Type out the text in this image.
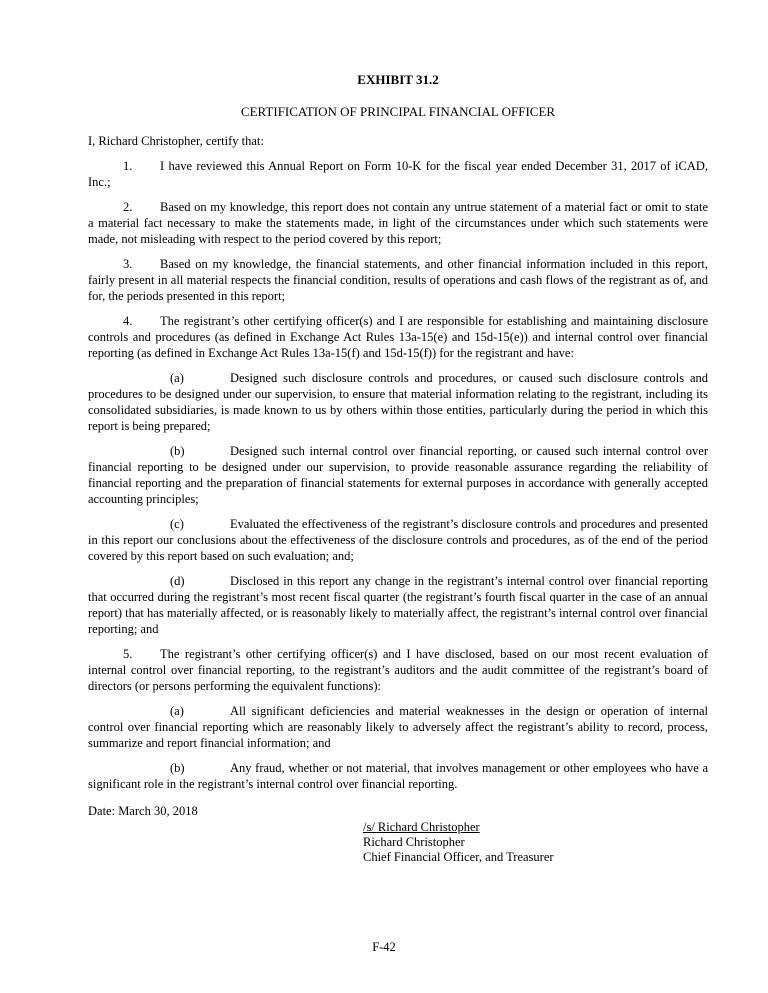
EXHIBIT 31.2

CERTIFICATION OF PRINCIPAL FINANCIAL OFFICER

I, Richard Christopher, certify that:

1. I have reviewed this Annual Report on Form 10-K for the fiscal year ended December 31, 2017 of iCAD, Inc.;

2. Based on my knowledge, this report does not contain any untrue statement of a material fact or omit to state a material fact necessary to make the statements made, in light of the circumstances under which such statements were made, not misleading with respect to the period covered by this report;

3. Based on my knowledge, the financial statements, and other financial information included in this report, fairly present in all material respects the financial condition, results of operations and cash flows of the registrant as of, and for, the periods presented in this report;

4. The registrant’s other certifying officer(s) and I are responsible for establishing and maintaining disclosure controls and procedures (as defined in Exchange Act Rules 13a-15(e) and 15d-15(e)) and internal control over financial reporting (as defined in Exchange Act Rules 13a-15(f) and 15d-15(f)) for the registrant and have:

(a)	Designed such disclosure controls and procedures, or caused such disclosure controls and procedures to be designed under our supervision, to ensure that material information relating to the registrant, including its consolidated subsidiaries, is made known to us by others within those entities, particularly during the period in which this report is being prepared;

(b)	Designed such internal control over financial reporting, or caused such internal control over financial reporting to be designed under our supervision, to provide reasonable assurance regarding the reliability of financial reporting and the preparation of financial statements for external purposes in accordance with generally accepted accounting principles;

(c)	Evaluated the effectiveness of the registrant’s disclosure controls and procedures and presented in this report our conclusions about the effectiveness of the disclosure controls and procedures, as of the end of the period covered by this report based on such evaluation; and;

(d)	Disclosed in this report any change in the registrant’s internal control over financial reporting that occurred during the registrant’s most recent fiscal quarter (the registrant’s fourth fiscal quarter in the case of an annual report) that has materially affected, or is reasonably likely to materially affect, the registrant’s internal control over financial reporting; and

5. The registrant’s other certifying officer(s) and I have disclosed, based on our most recent evaluation of internal control over financial reporting, to the registrant’s auditors and the audit committee of the registrant’s board of directors (or persons performing the equivalent functions):

(a)	All significant deficiencies and material weaknesses in the design or operation of internal control over financial reporting which are reasonably likely to adversely affect the registrant’s ability to record, process, summarize and report financial information; and

(b)	Any fraud, whether or not material, that involves management or other employees who have a significant role in the registrant’s internal control over financial reporting.

Date: March 30, 2018

/s/ Richard Christopher
Richard Christopher
Chief Financial Officer, and Treasurer
F-42
